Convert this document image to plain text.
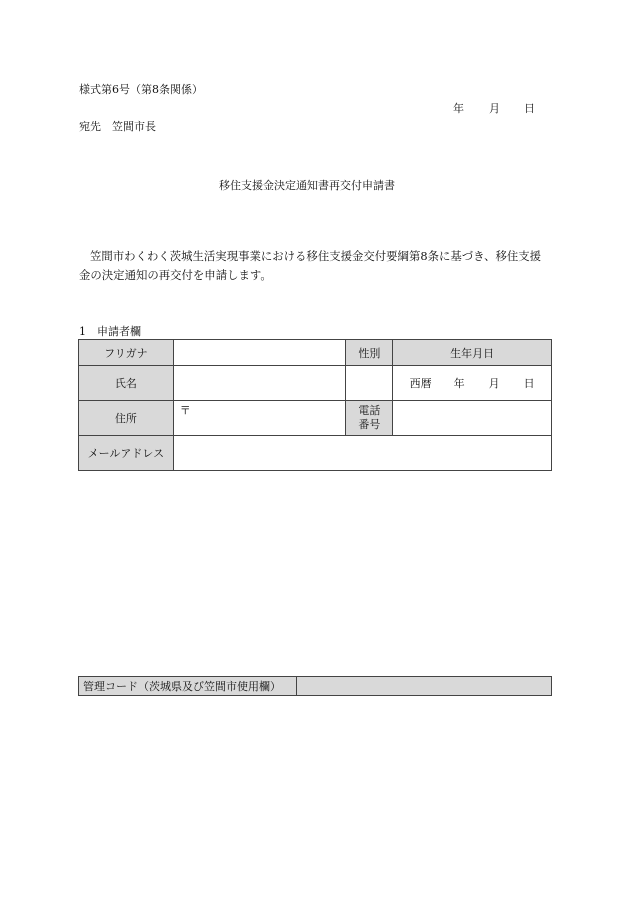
様式第6号（第8条関係）
年 月 日
宛先　笠間市長
移住支援金決定通知書再交付申請書
笠間市わくわく茨城生活実現事業における移住支援金交付要綱第8条に基づき、移住支援
金の決定通知の再交付を申請します。
1　申請者欄
フリガナ		性別	生年月日
氏名			西暦 年 月 日
住所	〒	電話
番号	
メールアドレス			
管理コード（茨城県及び笠間市使用欄）	
